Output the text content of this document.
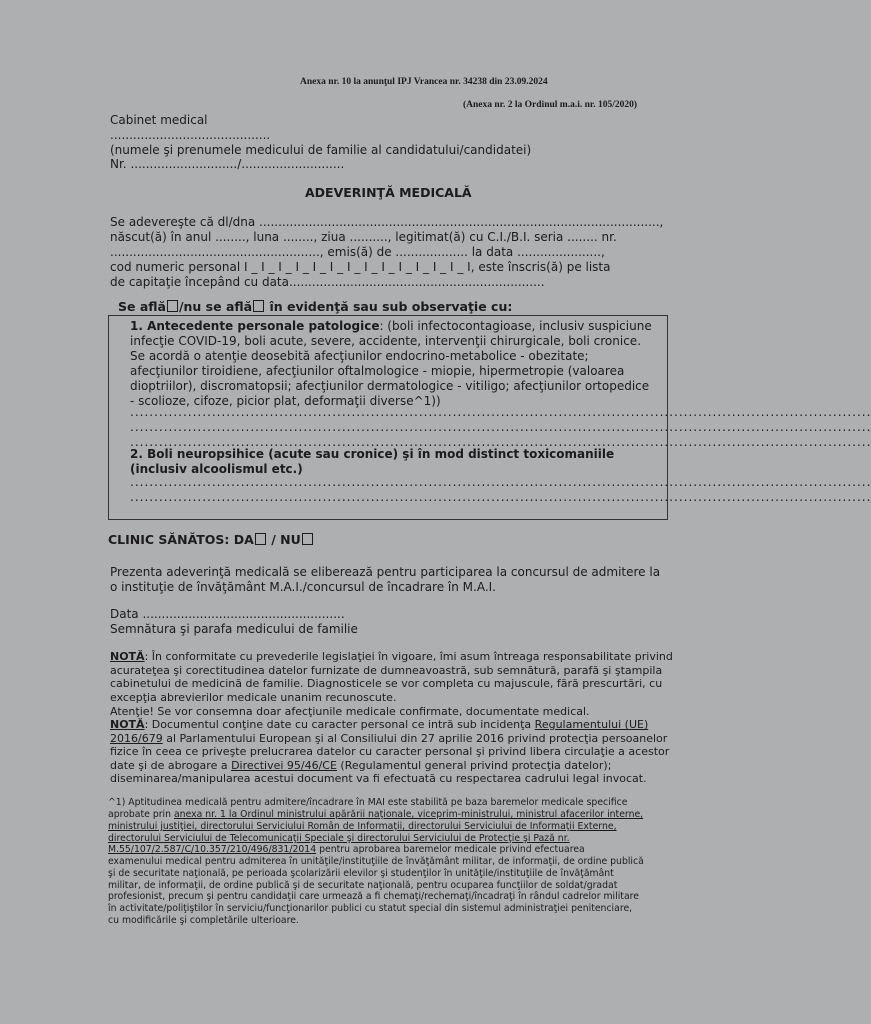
Anexa nr. 10 la anunţul IPJ Vrancea nr. 34238 din 23.09.2024
(Anexa nr. 2 la Ordinul m.a.i. nr. 105/2020)
Cabinet medical
..........................................
(numele şi prenumele medicului de familie al candidatului/candidatei)
Nr. ............................/...........................
ADEVERINŢĂ MEDICALĂ
Se adevereşte că dl/dna .........................................................................................................,
născut(ă) în anul ........, luna ........, ziua .........., legitimat(ă) cu C.I./B.I. seria ........ nr.
......................................................., emis(ă) de ................... la data ......................,
cod numeric personal I _ I _ I _ I _ I _ I _ I _ I _ I _ I _ I _ I _ I _ I, este înscris(ă) pe lista
de capitaţie începând cu data...................................................................
Se află /nu se află în evidenţă sau sub observaţie cu:
1. Antecedente personale patologice: (boli infectocontagioase, inclusiv suspiciune
infecţie COVID-19, boli acute, severe, accidente, intervenţii chirurgicale, boli cronice.
Se acordă o atenţie deosebită afecţiunilor endocrino-metabolice - obezitate;
afecţiunilor tiroidiene, afecţiunilor oftalmologice - miopie, hipermetropie (valoarea
dioptriilor), discromatopsii; afecţiunilor dermatologice - vitiligo; afecţiunilor ortopedice
- scolioze, cifoze, picior plat, deformaţii diverse^1))
..........................................................................................................................................................
..........................................................................................................................................................
..........................................................................................................................................................
2. Boli neuropsihice (acute sau cronice) şi în mod distinct toxicomaniile
(inclusiv alcoolismul etc.)
..........................................................................................................................................................
..........................................................................................................................................................
CLINIC SĂNĂTOS: DA / NU
Prezenta adeverinţă medicală se eliberează pentru participarea la concursul de admitere la
o instituţie de învăţământ M.A.I./concursul de încadrare în M.A.I.
Data .....................................................
Semnătura şi parafa medicului de familie
NOTĂ: În conformitate cu prevederile legislaţiei în vigoare, îmi asum întreaga responsabilitate privind
acurateţea şi corectitudinea datelor furnizate de dumneavoastră, sub semnătură, parafă şi ştampila
cabinetului de medicină de familie. Diagnosticele se vor completa cu majuscule, fără prescurtări, cu
excepţia abrevierilor medicale unanim recunoscute.
Atenţie! Se vor consemna doar afecţiunile medicale confirmate, documentate medical.
NOTĂ: Documentul conţine date cu caracter personal ce intră sub incidenţa Regulamentului (UE)
2016/679 al Parlamentului European şi al Consiliului din 27 aprilie 2016 privind protecţia persoanelor
fizice în ceea ce priveşte prelucrarea datelor cu caracter personal şi privind libera circulaţie a acestor
date şi de abrogare a Directivei 95/46/CE (Regulamentul general privind protecţia datelor);
diseminarea/manipularea acestui document va fi efectuată cu respectarea cadrului legal invocat.
^1) Aptitudinea medicală pentru admitere/încadrare în MAI este stabilită pe baza baremelor medicale specifice
aprobate prin anexa nr. 1 la Ordinul ministrului apărării naţionale, viceprim-ministrului, ministrul afacerilor interne,
ministrului justiţiei, directorului Serviciului Român de Informaţii, directorului Serviciului de Informaţii Externe,
directorului Serviciului de Telecomunicaţii Speciale şi directorului Serviciului de Protecţie şi Pază nr.
M.55/107/2.587/C/10.357/210/496/831/2014 pentru aprobarea baremelor medicale privind efectuarea
examenului medical pentru admiterea în unităţile/instituţiile de învăţământ militar, de informaţii, de ordine publică
şi de securitate naţională, pe perioada şcolarizării elevilor şi studenţilor în unităţile/instituţiile de învăţământ
militar, de informaţii, de ordine publică şi de securitate naţională, pentru ocuparea funcţiilor de soldat/gradat
profesionist, precum şi pentru candidaţii care urmează a fi chemaţi/rechemaţi/încadraţi în rândul cadrelor militare
în activitate/poliţiştilor în serviciu/funcţionarilor publici cu statut special din sistemul administraţiei penitenciare,
cu modificările şi completările ulterioare.
